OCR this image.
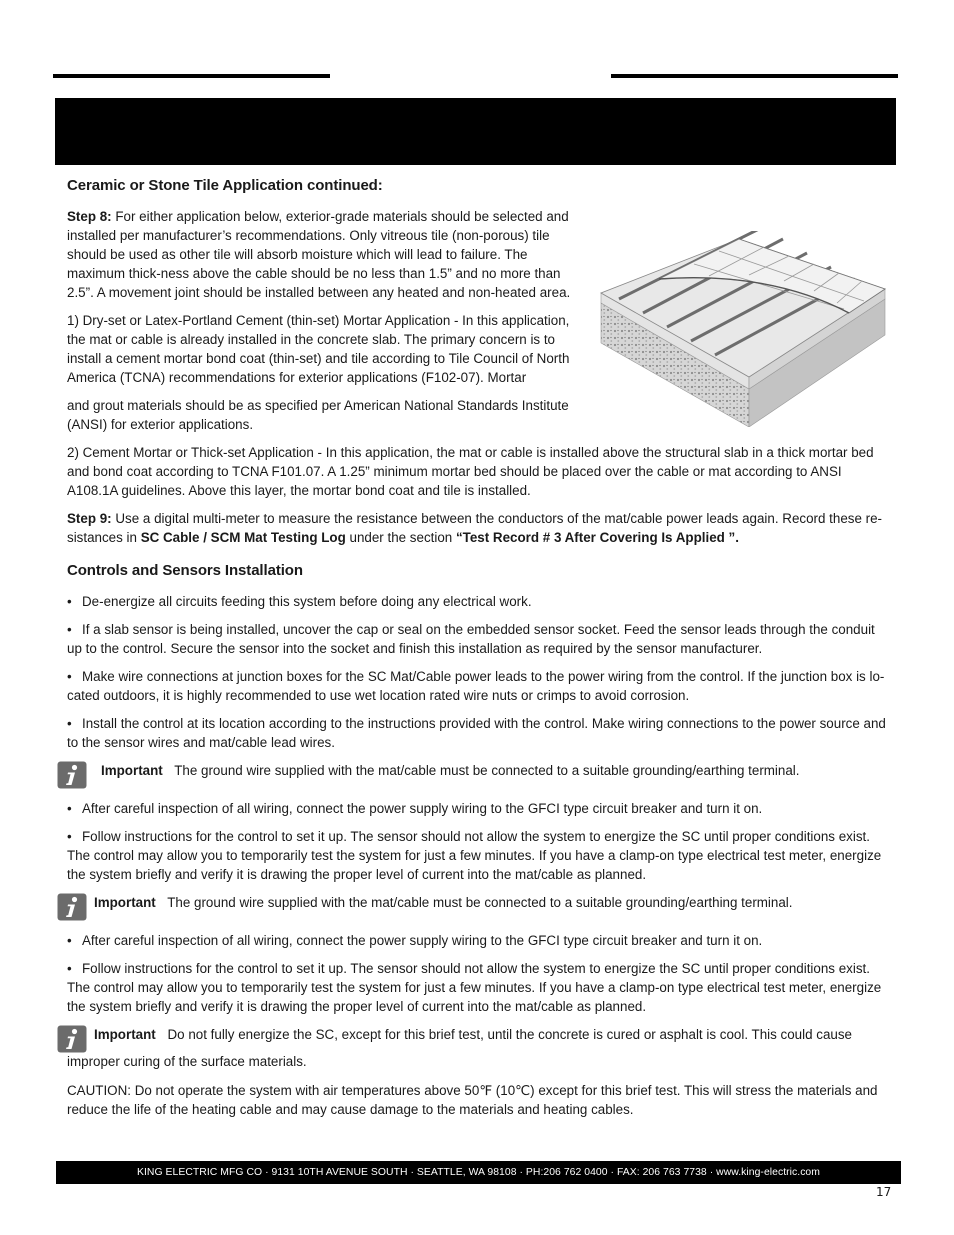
Ceramic or Stone Tile Application continued:

Step 8: For either application below, exterior-grade materials should be selected and installed per manufacturer’s recommendations. Only vitreous tile (non-porous) tile should be used as other tile will absorb moisture which will lead to failure. The maximum thick-ness above the cable should be no less than 1.5” and no more than 2.5”. A movement joint should be installed between any heated and non-heated area.

1) Dry-set or Latex-Portland Cement (thin-set) Mortar Application - In this application, the mat or cable is already installed in the concrete slab. The primary concern is to install a cement mortar bond coat (thin-set) and tile according to Tile Council of North America (TCNA) recommendations for exterior applications (F102-07). Mortar

and grout materials should be as specified per American National Standards Institute (ANSI) for exterior applications.

2) Cement Mortar or Thick-set Application - In this application, the mat or cable is installed above the structural slab in a thick mortar bed and bond coat according to TCNA F101.07. A 1.25” minimum mortar bed should be placed over the cable or mat according to ANSI A108.1A guidelines. Above this layer, the mortar bond coat and tile is installed.

Step 9: Use a digital multi-meter to measure the resistance between the conductors of the mat/cable power leads again. Record these re-sistances in SC Cable / SCM Mat Testing Log under the section “Test Record # 3 After Covering Is Applied ”.

Controls and Sensors Installation
• De-energize all circuits feeding this system before doing any electrical work.
• If a slab sensor is being installed, uncover the cap or seal on the embedded sensor socket. Feed the sensor leads through the conduit up to the control. Secure the sensor into the socket and finish this installation as required by the sensor manufacturer.
• Make wire connections at junction boxes for the SC Mat/Cable power leads to the power wiring from the control. If the junction box is lo-cated outdoors, it is highly recommended to use wet location rated wire nuts or crimps to avoid corrosion.
• Install the control at its location according to the instructions provided with the control. Make wiring connections to the power source and to the sensor wires and mat/cable lead wires.
Important The ground wire supplied with the mat/cable must be connected to a suitable grounding/earthing terminal.
• After careful inspection of all wiring, connect the power supply wiring to the GFCI type circuit breaker and turn it on.
• Follow instructions for the control to set it up. The sensor should not allow the system to energize the SC until proper conditions exist. The control may allow you to temporarily test the system for just a few minutes. If you have a clamp-on type electrical test meter, energize the system briefly and verify it is drawing the proper level of current into the mat/cable as planned.
Important The ground wire supplied with the mat/cable must be connected to a suitable grounding/earthing terminal.
• After careful inspection of all wiring, connect the power supply wiring to the GFCI type circuit breaker and turn it on.
• Follow instructions for the control to set it up. The sensor should not allow the system to energize the SC until proper conditions exist. The control may allow you to temporarily test the system for just a few minutes. If you have a clamp-on type electrical test meter, energize the system briefly and verify it is drawing the proper level of current into the mat/cable as planned.
Important Do not fully energize the SC, except for this brief test, until the concrete is cured or asphalt is cool. This could cause
improper curing of the surface materials.

CAUTION: Do not operate the system with air temperatures above 50℉ (10℃) except for this brief test. This will stress the materials and reduce the life of the heating cable and may cause damage to the materials and heating cables.

KING ELECTRIC MFG CO · 9131 10TH AVENUE SOUTH · SEATTLE, WA 98108 · PH:206 762 0400 · FAX: 206 763 7738 · www.king-electric.com
17
